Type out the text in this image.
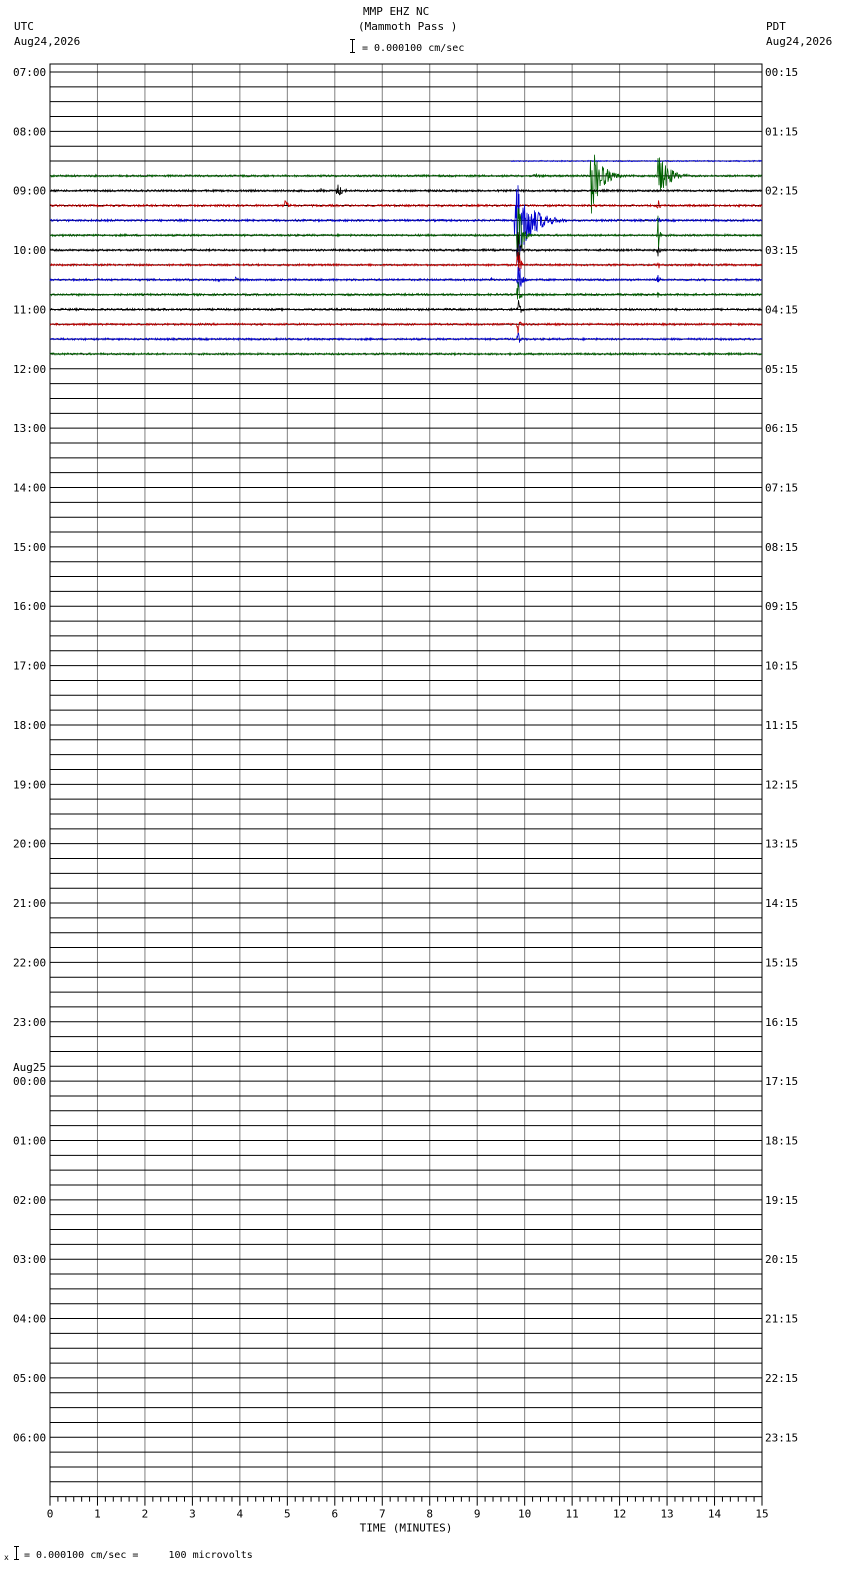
UTC
Aug24,2026
PDT
Aug24,2026
MMP EHZ NC
(Mammoth Pass )
= 0.000100 cm/sec
07:00
08:00
09:00
10:00
11:00
12:00
13:00
14:00
15:00
16:00
17:00
18:00
19:00
20:00
21:00
22:00
23:00
00:00
01:00
02:00
03:00
04:00
05:00
06:00
00:15
01:15
02:15
03:15
04:15
05:15
06:15
07:15
08:15
09:15
10:15
11:15
12:15
13:15
14:15
15:15
16:15
17:15
18:15
19:15
20:15
21:15
22:15
23:15
Aug25
0	1	2	3	4	5	6	7	8	9	10	11	12	13	14	15
TIME (MINUTES)
x = 0.000100 cm/sec =     100 microvolts
